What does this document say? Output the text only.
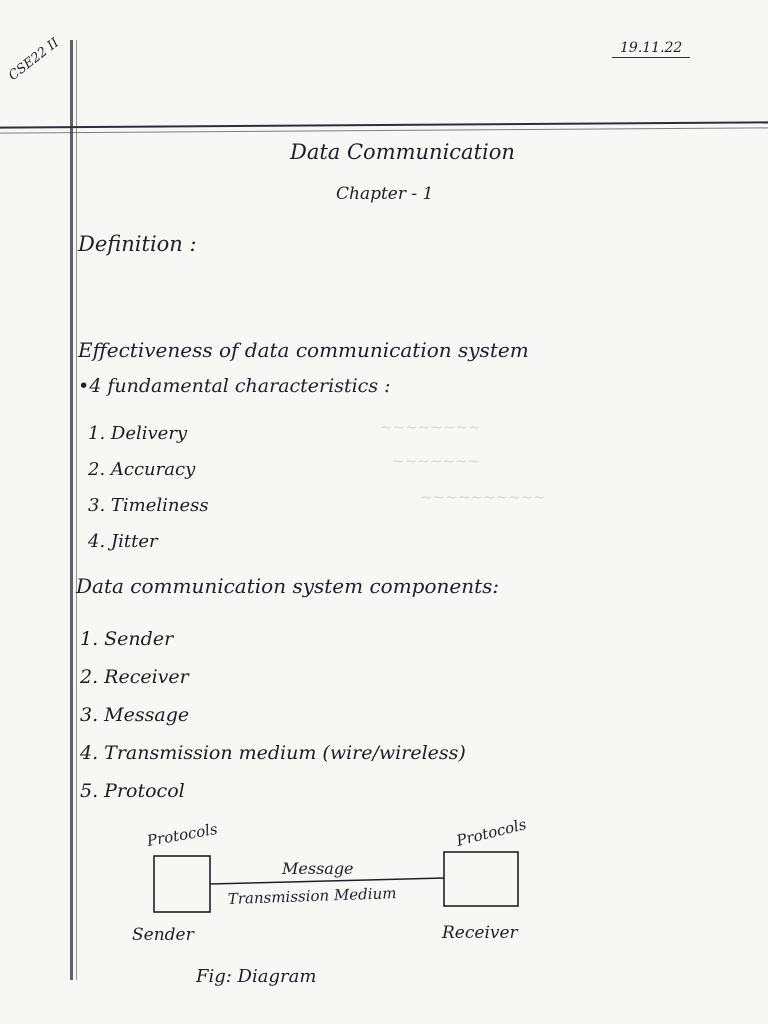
CSE22 II	19.11.22
~~~~~~~~
~~~~~~~
~~~~~~~~~~
Data Communication
Chapter - 1
Definition :
Effectiveness of data communication system
•4 fundamental characteristics :
1. Delivery
2. Accuracy
3. Timeliness
4. Jitter
Data communication system components:
1. Sender
2. Receiver
3. Message
4. Transmission medium (wire/wireless)
5. Protocol
Protocols	Protocols
Message
Transmission Medium
Sender	Receiver
Fig: Diagram
